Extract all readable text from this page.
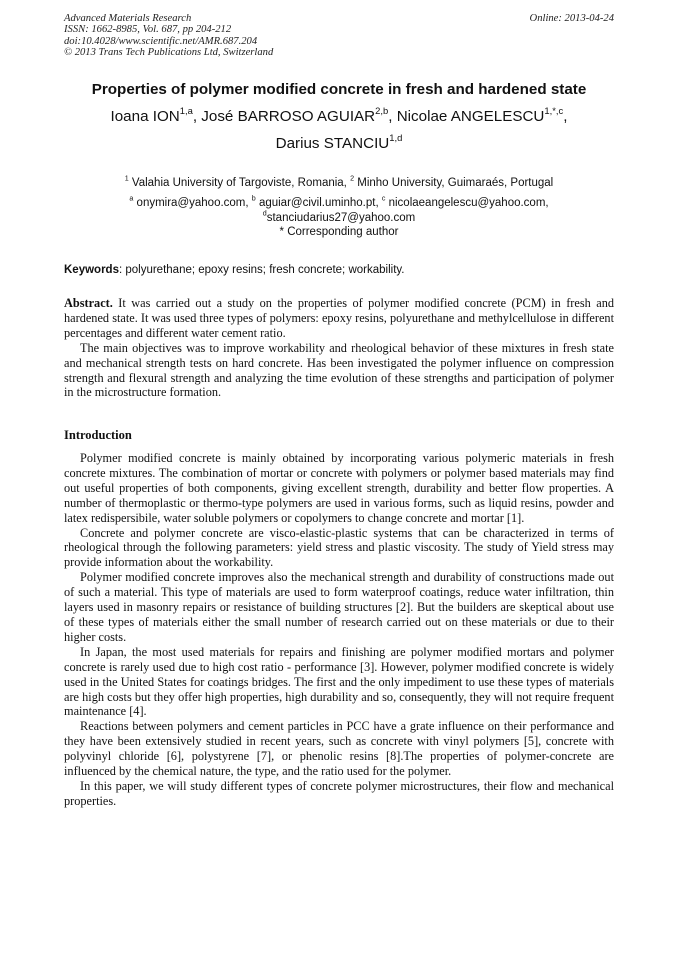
Advanced Materials Research
ISSN: 1662-8985, Vol. 687, pp 204-212
doi:10.4028/www.scientific.net/AMR.687.204
© 2013 Trans Tech Publications Ltd, Switzerland
Online: 2013-04-24
Properties of polymer modified concrete in fresh and hardened state
Ioana ION$^{1,a}$, José BARROSO AGUIAR$^{2,b}$, Nicolae $ANGELESCU^{1,*,c}$,
Darius STANCIU$^{1,d}$
$^1$ Valahia University of Targoviste, Romania, $^2$ Minho University, Guimaraés, Portugal
$^a$ onymira@yahoo.com, $^b$ aguiar@civil.uminho.pt, $^c$ nicolaeangelescu@yahoo.com,
$^d$stanciudarius27@yahoo.com
* Corresponding author
Keywords: polyurethane; epoxy resins; fresh concrete; workability.

Abstract. It was carried out a study on the properties of polymer modified concrete (PCM) in fresh and hardened state. It was used three types of polymers: epoxy resins, polyurethane and methylcellulose in different percentages and different water cement ratio.

The main objectives was to improve workability and rheological behavior of these mixtures in fresh state and mechanical strength tests on hard concrete. Has been investigated the polymer influence on compression strength and flexural strength and analyzing the time evolution of these strengths and participation of polymer in the microstructure formation.

Introduction

Polymer modified concrete is mainly obtained by incorporating various polymeric materials in fresh concrete mixtures. The combination of mortar or concrete with polymers or polymer based materials may find out useful properties of both components, giving excellent strength, durability and better flow properties. A number of thermoplastic or thermo-type polymers are used in various forms, such as liquid resins, powder and latex redispersibile, water soluble polymers or copolymers to change concrete and mortar [1].

Concrete and polymer concrete are visco-elastic-plastic systems that can be characterized in terms of rheological through the following parameters: yield stress and plastic viscosity. The study of Yield stress may provide information about the workability.

Polymer modified concrete improves also the mechanical strength and durability of constructions made out of such a material. This type of materials are used to form waterproof coatings, reduce water infiltration, thin layers used in masonry repairs or resistance of building structures [2]. But the builders are skeptical about use of these types of materials either the small number of research carried out on these materials or due to their higher costs.

In Japan, the most used materials for repairs and finishing are polymer modified mortars and polymer concrete is rarely used due to high cost ratio - performance [3]. However, polymer modified concrete is widely used in the United States for coatings bridges. The first and the only impediment to use these types of materials are high costs but they offer high properties, high durability and so, consequently, they will not require frequent maintenance [4].

Reactions between polymers and cement particles in PCC have a grate influence on their performance and they have been extensively studied in recent years, such as concrete with vinyl polymers [5], concrete with polyvinyl chloride [6], polystyrene [7], or phenolic resins [8].The properties of polymer-concrete are influenced by the chemical nature, the type, and the ratio used for the polymer.

In this paper, we will study different types of concrete polymer microstructures, their flow and mechanical properties.
